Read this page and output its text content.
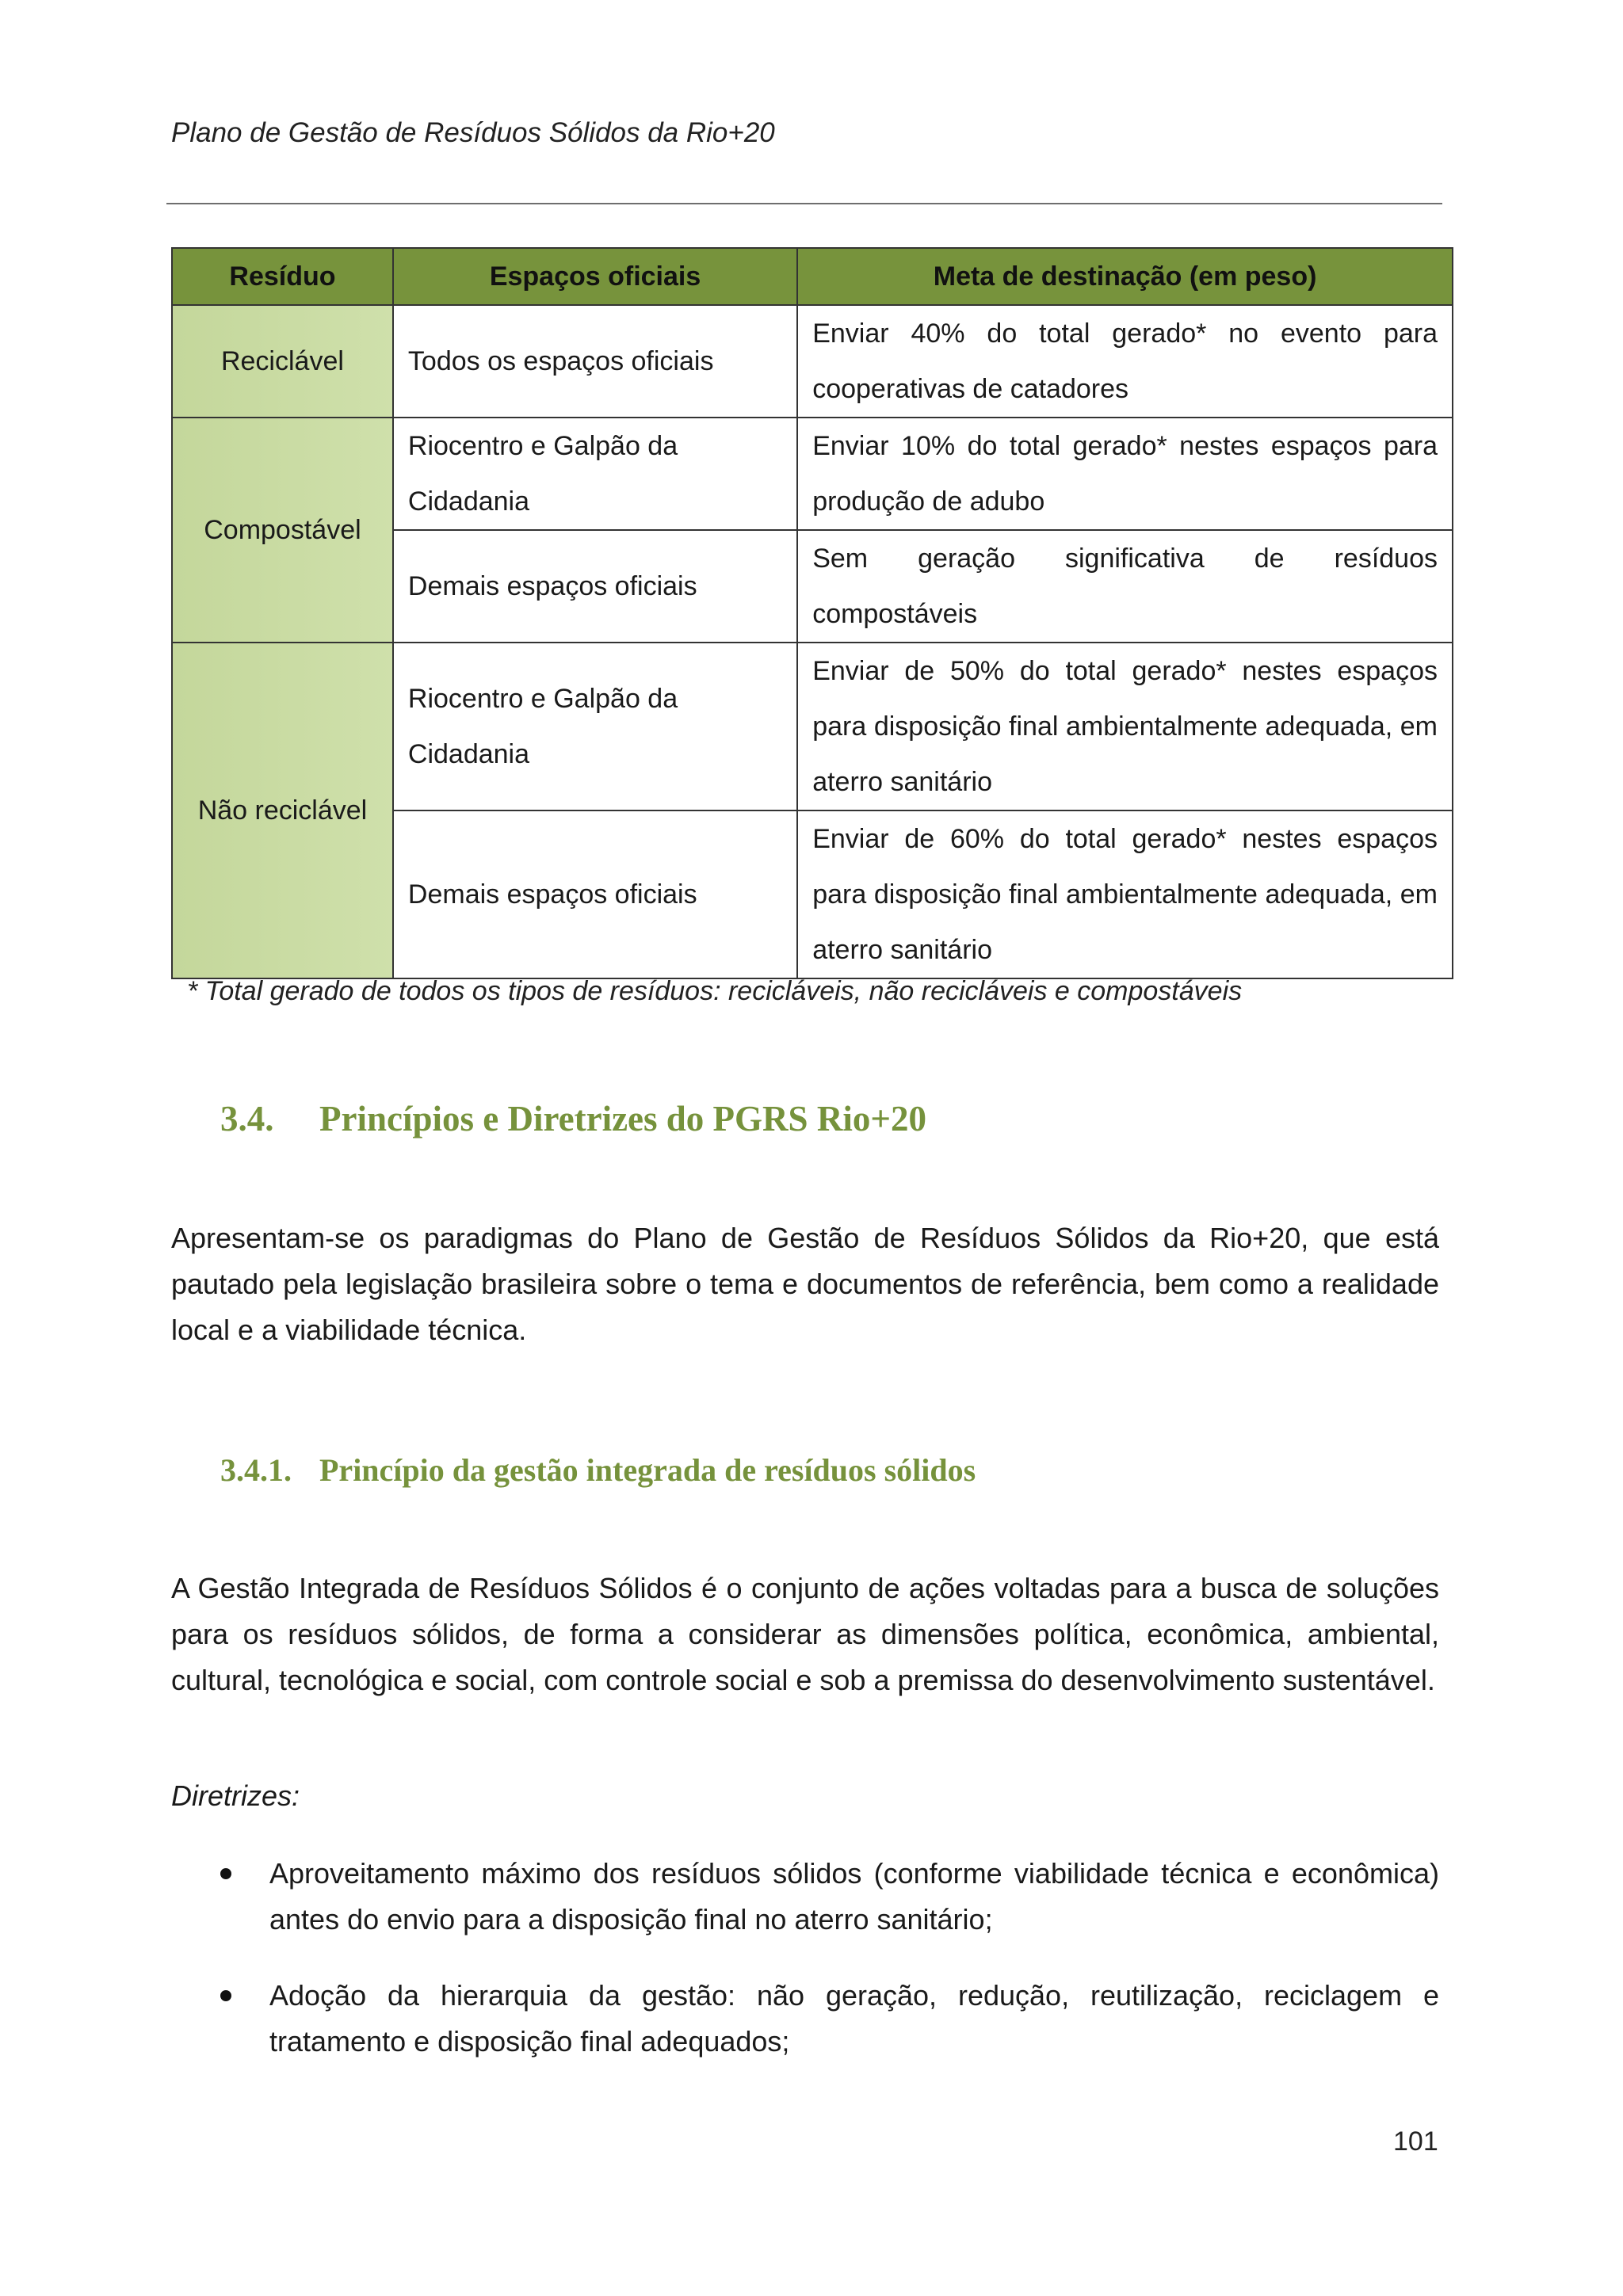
Plano de Gestão de Resíduos Sólidos da Rio+20
Resíduo	Espaços oficiais	Meta de destinação (em peso)
Reciclável	Todos os espaços oficiais	Enviar 40% do total gerado* no evento para cooperativas de catadores
Compostável	Riocentro e Galpão da Cidadania	Enviar 10% do total gerado* nestes espaços para produção de adubo
	Demais espaços oficiais	Sem geração significativa de resíduos compostáveis
Não reciclável	Riocentro e Galpão da Cidadania	Enviar de 50% do total gerado* nestes espaços para disposição final ambientalmente adequada, em aterro sanitário
	Demais espaços oficiais	Enviar de 60% do total gerado* nestes espaços para disposição final ambientalmente adequada, em aterro sanitário
* Total gerado de todos os tipos de resíduos: recicláveis, não recicláveis e compostáveis
3.4. Princípios e Diretrizes do PGRS Rio+20

Apresentam-se os paradigmas do Plano de Gestão de Resíduos Sólidos da Rio+20, que está pautado pela legislação brasileira sobre o tema e documentos de referência, bem como a realidade local e a viabilidade técnica.

3.4.1. Princípio da gestão integrada de resíduos sólidos

A Gestão Integrada de Resíduos Sólidos é o conjunto de ações voltadas para a busca de soluções para os resíduos sólidos, de forma a considerar as dimensões política, econômica, ambiental, cultural, tecnológica e social, com controle social e sob a premissa do desenvolvimento sustentável.

Diretrizes:
Aproveitamento máximo dos resíduos sólidos (conforme viabilidade técnica e econômica) antes do envio para a disposição final no aterro sanitário;
Adoção da hierarquia da gestão: não geração, redução, reutilização, reciclagem e tratamento e disposição final adequados;
101
